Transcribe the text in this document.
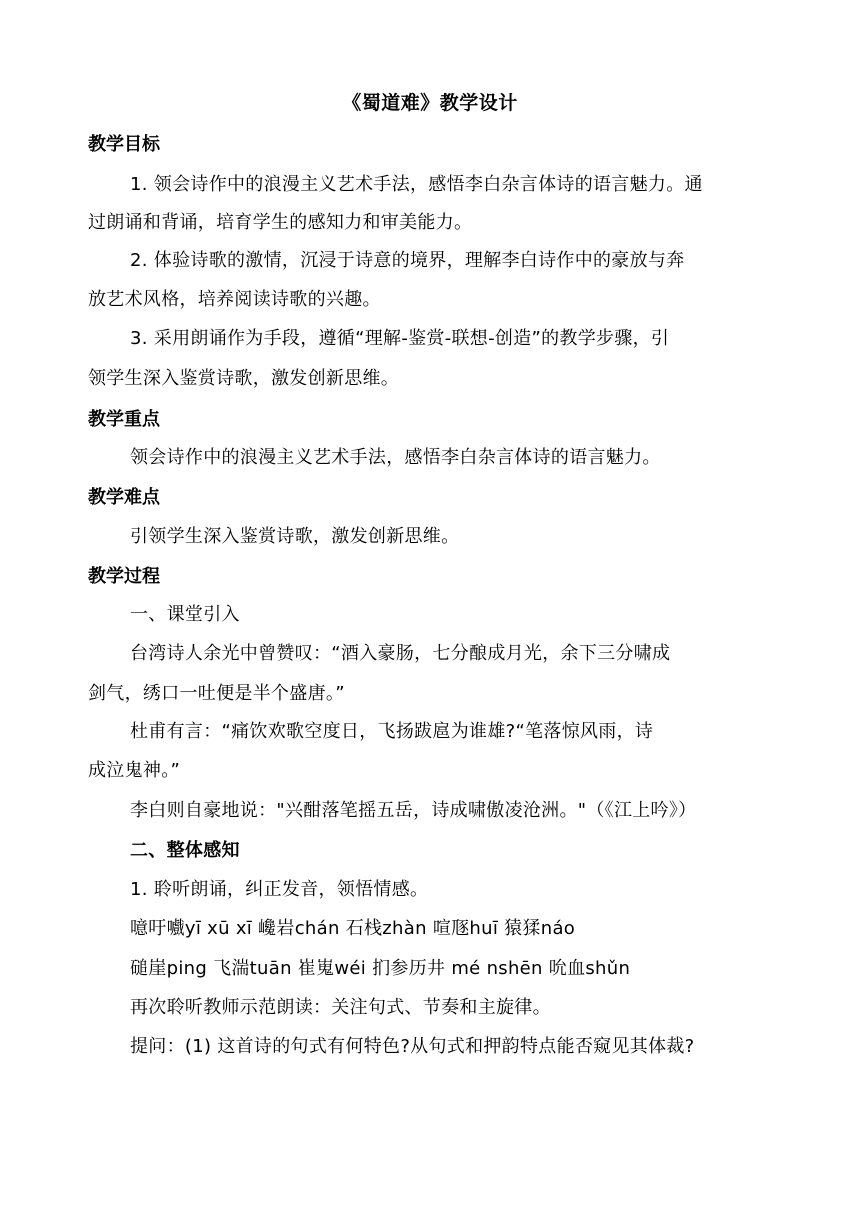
《蜀道难》教学设计
教学目标
1. 领会诗作中的浪漫主义艺术手法，感悟李白杂言体诗的语言魅力。通
过朗诵和背诵，培育学生的感知力和审美能力。
2. 体验诗歌的激情，沉浸于诗意的境界，理解李白诗作中的豪放与奔
放艺术风格，培养阅读诗歌的兴趣。
3. 采用朗诵作为手段，遵循“理解-鉴赏-联想-创造”的教学步骤，引
领学生深入鉴赏诗歌，激发创新思维。
教学重点
领会诗作中的浪漫主义艺术手法，感悟李白杂言体诗的语言魅力。
教学难点
引领学生深入鉴赏诗歌，激发创新思维。
教学过程
一、课堂引入
台湾诗人余光中曾赞叹：“酒入豪肠，七分酿成月光，余下三分啸成
剑气，绣口一吐便是半个盛唐。”
杜甫有言：“痛饮欢歌空度日，飞扬跋扈为谁雄?“笔落惊风雨，诗
成泣鬼神。”
李白则自豪地说："兴酣落笔摇五岳，诗成啸傲凌沧洲。"（《江上吟》）
二、整体感知
1. 聆听朗诵，纠正发音，领悟情感。
噫吁嚱yī xū xī 巉岩chán 石栈zhàn 喧豗huī 猿猱náo
磓崖ping 飞湍tuān 崔嵬wéi 扪参历井 mé nshēn 吮血shǔn
再次聆听教师示范朗读：关注句式、节奏和主旋律。
提问：(1) 这首诗的句式有何特色?从句式和押韵特点能否窥见其体裁?
